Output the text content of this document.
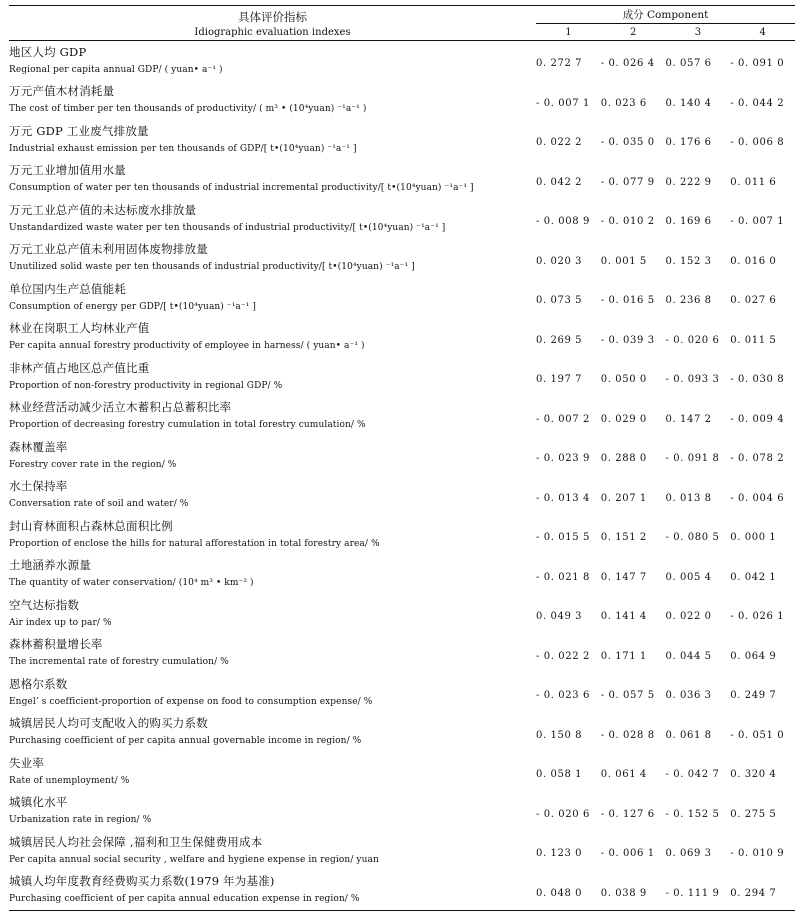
具体评价指标
Idiographic evaluation indexes	成分 Component			
	1	2	3	4

地区人均 GDP
Regional per capita annual GDP/ ( yuan• a⁻¹ )	0. 272 7	- 0. 026 4	0. 057 6	- 0. 091 0

万元产值木材消耗量
The cost of timber per ten thousands of productivity/ ( m³ • (10⁴yuan) ⁻¹a⁻¹ )	- 0. 007 1	0. 023 6	0. 140 4	- 0. 044 2

万元 GDP 工业废气排放量
Industrial exhaust emission per ten thousands of GDP/[ t•(10⁴yuan) ⁻¹a⁻¹ ]	0. 022 2	- 0. 035 0	0. 176 6	- 0. 006 8

万元工业增加值用水量
Consumption of water per ten thousands of industrial incremental productivity/[ t•(10⁴yuan) ⁻¹a⁻¹ ]	0. 042 2	- 0. 077 9	0. 222 9	0. 011 6

万元工业总产值的未达标废水排放量
Unstandardized waste water per ten thousands of industrial productivity/[ t•(10⁴yuan) ⁻¹a⁻¹ ]	- 0. 008 9	- 0. 010 2	0. 169 6	- 0. 007 1

万元工业总产值未利用固体废物排放量
Unutilized solid waste per ten thousands of industrial productivity/[ t•(10⁴yuan) ⁻¹a⁻¹ ]	0. 020 3	0. 001 5	0. 152 3	0. 016 0

单位国内生产总值能耗
Consumption of energy per GDP/[ t•(10⁴yuan) ⁻¹a⁻¹ ]	0. 073 5	- 0. 016 5	0. 236 8	0. 027 6

林业在岗职工人均林业产值
Per capita annual forestry productivity of employee in harness/ ( yuan• a⁻¹ )	0. 269 5	- 0. 039 3	- 0. 020 6	0. 011 5

非林产值占地区总产值比重
Proportion of non-forestry productivity in regional GDP/ %	0. 197 7	0. 050 0	- 0. 093 3	- 0. 030 8

林业经营活动减少活立木蓄积占总蓄积比率
Proportion of decreasing forestry cumulation in total forestry cumulation/ %	- 0. 007 2	0. 029 0	0. 147 2	- 0. 009 4

森林覆盖率
Forestry cover rate in the region/ %	- 0. 023 9	0. 288 0	- 0. 091 8	- 0. 078 2

水土保持率
Conversation rate of soil and water/ %	- 0. 013 4	0. 207 1	0. 013 8	- 0. 004 6

封山育林面积占森林总面积比例
Proportion of enclose the hills for natural afforestation in total forestry area/ %	- 0. 015 5	0. 151 2	- 0. 080 5	0. 000 1

土地涵养水源量
The quantity of water conservation/ (10⁴ m³ • km⁻² )	- 0. 021 8	0. 147 7	0. 005 4	0. 042 1

空气达标指数
Air index up to par/ %	0. 049 3	0. 141 4	0. 022 0	- 0. 026 1

森林蓄积量增长率
The incremental rate of forestry cumulation/ %	- 0. 022 2	0. 171 1	0. 044 5	0. 064 9

恩格尔系数
Engel’ s coefficient-proportion of expense on food to consumption expense/ %	- 0. 023 6	- 0. 057 5	0. 036 3	0. 249 7

城镇居民人均可支配收入的购买力系数
Purchasing coefficient of per capita annual governable income in region/ %	0. 150 8	- 0. 028 8	0. 061 8	- 0. 051 0

失业率
Rate of unemployment/ %	0. 058 1	0. 061 4	- 0. 042 7	0. 320 4

城镇化水平
Urbanization rate in region/ %	- 0. 020 6	- 0. 127 6	- 0. 152 5	0. 275 5

城镇居民人均社会保障 ,福利和卫生保健费用成本
Per capita annual social security , welfare and hygiene expense in region/ yuan	0. 123 0	- 0. 006 1	0. 069 3	- 0. 010 9

城镇人均年度教育经费购买力系数(1979 年为基准)
Purchasing coefficient of per capita annual education expense in region/ %	0. 048 0	0. 038 9	- 0. 111 9	0. 294 7
